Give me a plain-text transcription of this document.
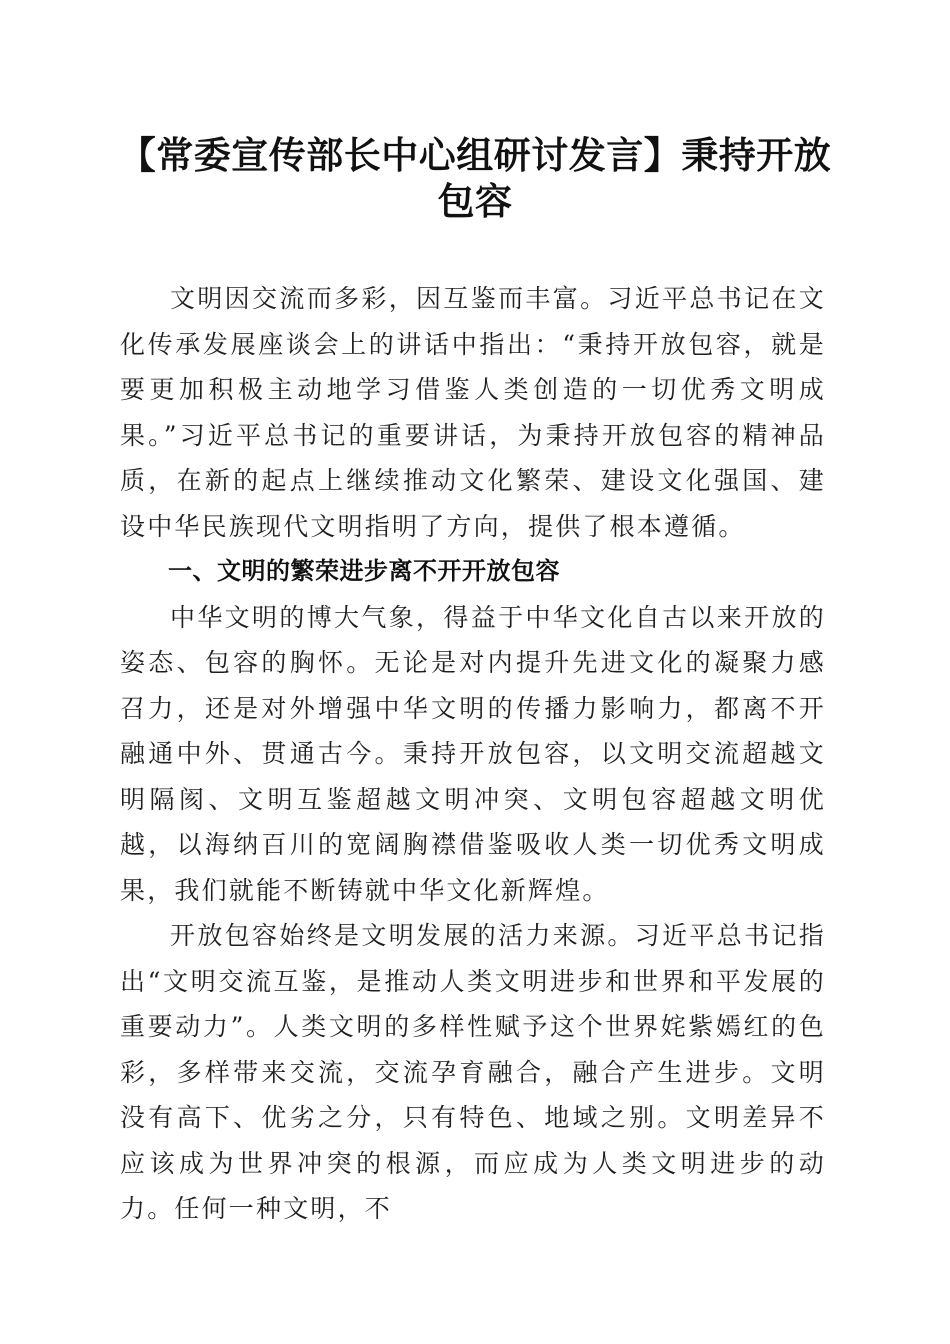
【常委宣传部长中心组研讨发言】秉持开放包容

文明因交流而多彩，因互鉴而丰富。习近平总书记在文化传承发展座谈会上的讲话中指出：“秉持开放包容，就是要更加积极主动地学习借鉴人类创造的一切优秀文明成果。”习近平总书记的重要讲话，为秉持开放包容的精神品质，在新的起点上继续推动文化繁荣、建设文化强国、建设中华民族现代文明指明了方向，提供了根本遵循。

一、文明的繁荣进步离不开开放包容

中华文明的博大气象，得益于中华文化自古以来开放的姿态、包容的胸怀。无论是对内提升先进文化的凝聚力感召力，还是对外增强中华文明的传播力影响力，都离不开融通中外、贯通古今。秉持开放包容，以文明交流超越文明隔阂、文明互鉴超越文明冲突、文明包容超越文明优越，以海纳百川的宽阔胸襟借鉴吸收人类一切优秀文明成果，我们就能不断铸就中华文化新辉煌。

开放包容始终是文明发展的活力来源。习近平总书记指出“文明交流互鉴，是推动人类文明进步和世界和平发展的重要动力”。人类文明的多样性赋予这个世界姹紫嫣红的色彩，多样带来交流，交流孕育融合，融合产生进步。文明没有高下、优劣之分，只有特色、地域之别。文明差异不应该成为世界冲突的根源，而应成为人类文明进步的动力。任何一种文明，不
